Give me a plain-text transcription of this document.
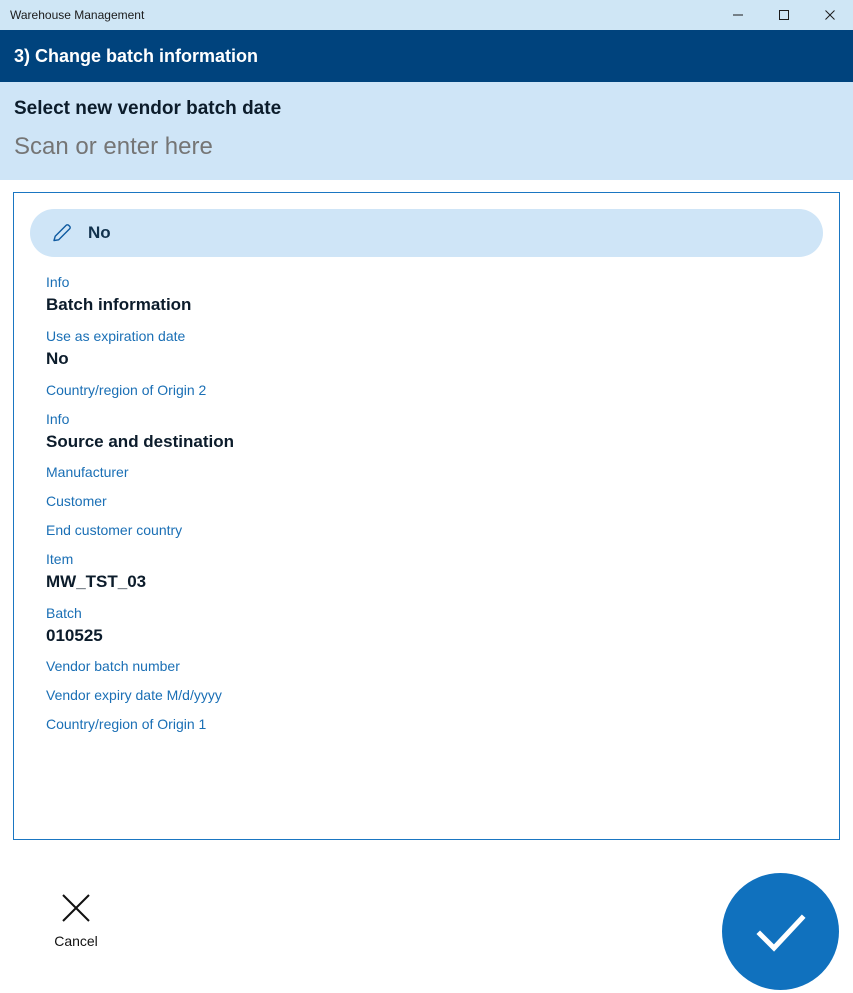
Warehouse Management
3) Change batch information
Select new vendor batch date
Scan or enter here
No
Info
Batch information
Use as expiration date
No
Country/region of Origin 2
Info
Source and destination
Manufacturer
Customer
End customer country
Item
MW_TST_03
Batch
010525
Vendor batch number
Vendor expiry date M/d/yyyy
Country/region of Origin 1
Cancel
